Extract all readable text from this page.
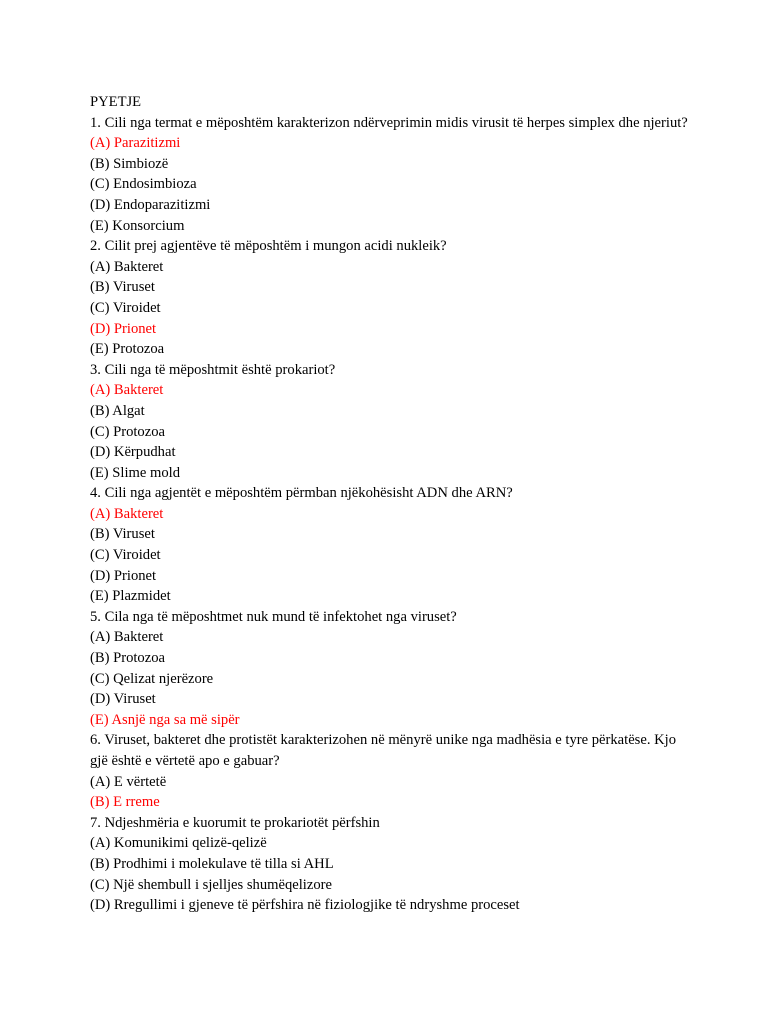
PYETJE
1. Cili nga termat e mëposhtëm karakterizon ndërveprimin midis virusit të herpes simplex dhe njeriut?
(A) Parazitizmi
(B) Simbiozë
(C) Endosimbioza
(D) Endoparazitizmi
(E) Konsorcium
2. Cilit prej agjentëve të mëposhtëm i mungon acidi nukleik?
(A) Bakteret
(B) Viruset
(C) Viroidet
(D) Prionet
(E) Protozoa
3. Cili nga të mëposhtmit është prokariot?
(A) Bakteret
(B) Algat
(C) Protozoa
(D) Kërpudhat
(E) Slime mold
4. Cili nga agjentët e mëposhtëm përmban njëkohësisht ADN dhe ARN?
(A) Bakteret
(B) Viruset
(C) Viroidet
(D) Prionet
(E) Plazmidet
5. Cila nga të mëposhtmet nuk mund të infektohet nga viruset?
(A) Bakteret
(B) Protozoa
(C) Qelizat njerëzore
(D) Viruset
(E) Asnjë nga sa më sipër
6. Viruset, bakteret dhe protistët karakterizohen në mënyrë unike nga madhësia e tyre përkatëse. Kjo gjë është e vërtetë apo e gabuar?
(A) E vërtetë
(B) E rreme
7. Ndjeshmëria e kuorumit te prokariotët përfshin
(A) Komunikimi qelizë-qelizë
(B) Prodhimi i molekulave të tilla si AHL
(C) Një shembull i sjelljes shumëqelizore
(D) Rregullimi i gjeneve të përfshira në fiziologjike të ndryshme proceset
